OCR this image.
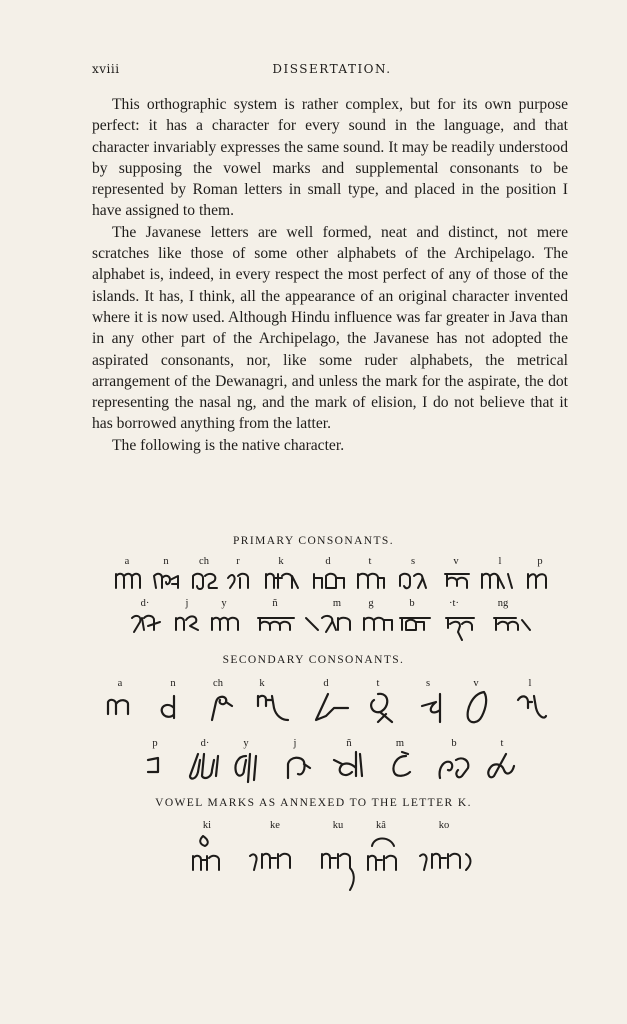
xviii	DISSERTATION.

This orthographic system is rather complex, but for its own purpose perfect: it has a character for every sound in the language, and that character invariably expresses the same sound. It may be readily understood by supposing the vowel marks and supplemental consonants to be represented by Roman letters in small type, and placed in the position I have assigned to them.

The Javanese letters are well formed, neat and distinct, not mere scratches like those of some other alphabets of the Archipelago. The alphabet is, indeed, in every respect the most perfect of any of those of the islands. It has, I think, all the appearance of an original character invented where it is now used. Although Hindu influence was far greater in Java than in any other part of the Archipelago, the Javanese has not adopted the aspirated consonants, nor, like some ruder alphabets, the metrical arrangement of the Dewanagri, and unless the mark for the aspirate, the dot representing the nasal ng, and the mark of elision, I do not believe that it has borrowed anything from the latter.

The following is the native character.

PRIMARY CONSONANTS.
a	n	ch	r	k	d	t	s	v	l	p
d·	j	y	ñ	m	g	b	·t·	ng
SECONDARY CONSONANTS.
a	n	ch	k	d	t	s	v	l
p	d·	y	j	ñ	m	b	t
VOWEL MARKS AS ANNEXED TO THE LETTER K.
ki	ke	ku	kâ	ko
